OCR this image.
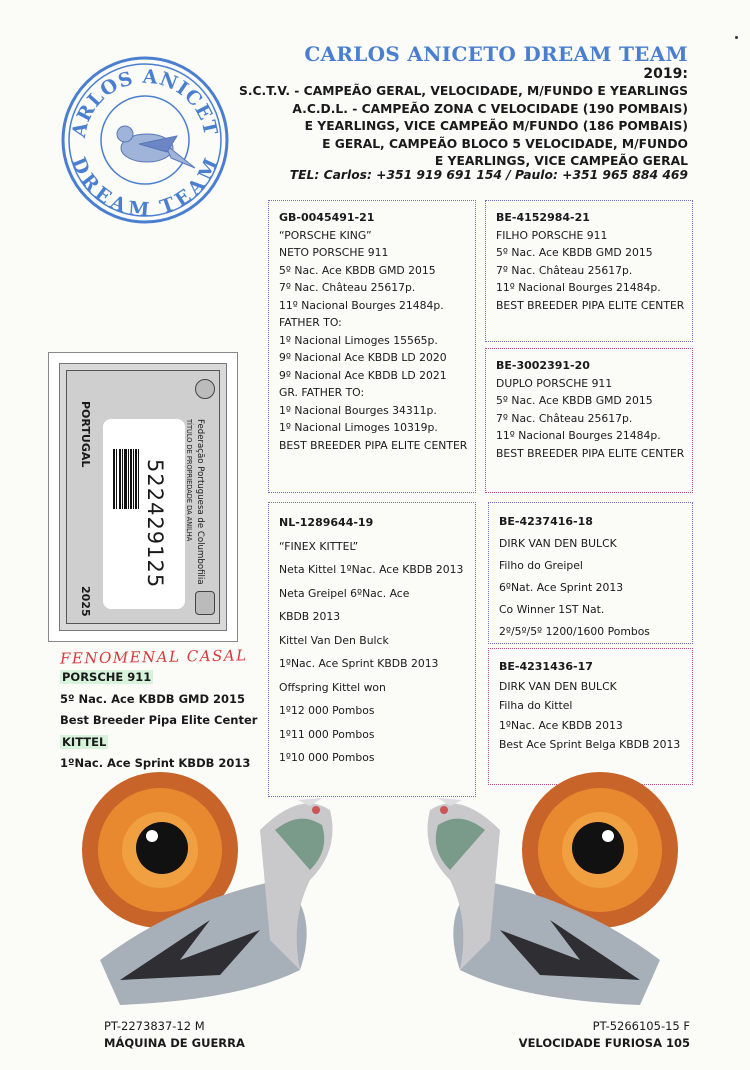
ARLOS ANICET
DREAM TEAM
CARLOS ANICETO DREAM TEAM
2019:
S.C.T.V. - CAMPEÃO GERAL, VELOCIDADE, M/FUNDO E YEARLINGS
A.C.D.L. - CAMPEÃO ZONA C VELOCIDADE (190 POMBAIS)
E YEARLINGS, VICE CAMPEÃO M/FUNDO (186 POMBAIS)
E GERAL, CAMPEÃO BLOCO 5 VELOCIDADE, M/FUNDO
E YEARLINGS, VICE CAMPEÃO GERAL
TEL: Carlos: +351 919 691 154 / Paulo: +351 965 884 469

GB-0045491-21

“PORSCHE KING”

NETO PORSCHE 911

5º Nac. Ace KBDB GMD 2015

7º Nac. Château 25617p.

11º Nacional Bourges 21484p.

FATHER TO:

1º Nacional Limoges 15565p.

9º Nacional Ace KBDB LD 2020

9º Nacional Ace KBDB LD 2021

GR. FATHER TO:

1º Nacional Bourges 34311p.

1º Nacional Limoges 10319p.

BEST BREEDER PIPA ELITE CENTER

BE-4152984-21

FILHO PORSCHE 911

5º Nac. Ace KBDB GMD 2015

7º Nac. Château 25617p.

11º Nacional Bourges 21484p.

BEST BREEDER PIPA ELITE CENTER

BE-3002391-20

DUPLO PORSCHE 911

5º Nac. Ace KBDB GMD 2015

7º Nac. Château 25617p.

11º Nacional Bourges 21484p.

BEST BREEDER PIPA ELITE CENTER

NL-1289644-19

“FINEX KITTEL”

Neta Kittel 1ºNac. Ace KBDB 2013

Neta Greipel 6ºNac. Ace

KBDB 2013

Kittel Van Den Bulck

1ºNac. Ace Sprint KBDB 2013

Offspring Kittel won

1º12 000 Pombos

1º11 000 Pombos

1º10 000 Pombos

BE-4237416-18

DIRK VAN DEN BULCK

Filho do Greipel

6ºNat. Ace Sprint 2013

Co Winner 1ST Nat.

2º/5º/5º 1200/1600 Pombos

BE-4231436-17

DIRK VAN DEN BULCK

Filha do Kittel

1ºNac. Ace KBDB 2013

Best Ace Sprint Belga KBDB 2013

PORTUGAL
2025
522429125	Federação Portuguesa de Columbofilia
TÍTULO DE PROPRIEDADE DA ANILHA
FENOMENAL CASAL
PORSCHE 911
5º Nac. Ace KBDB GMD 2015
Best Breeder Pipa Elite Center
KITTEL
1ºNac. Ace Sprint KBDB 2013
PT-2273837-12 M
MÁQUINA DE GUERRA
PT-5266105-15 F
VELOCIDADE FURIOSA 105
